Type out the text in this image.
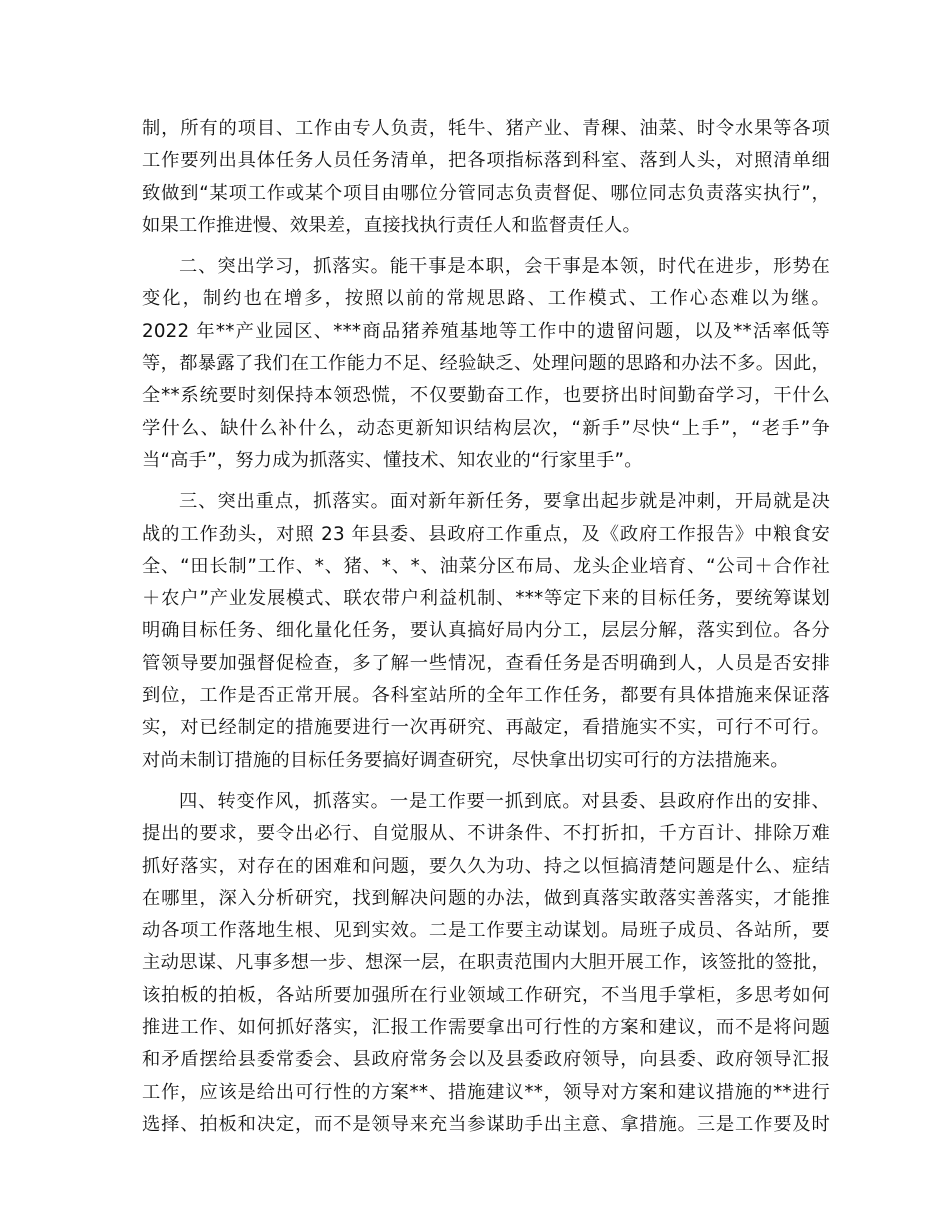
制，所有的项目、工作由专人负责，牦牛、猪产业、青稞、油菜、时令水果等各项
工作要列出具体任务人员任务清单，把各项指标落到科室、落到人头，对照清单细
致做到“某项工作或某个项目由哪位分管同志负责督促、哪位同志负责落实执行”，
如果工作推进慢、效果差，直接找执行责任人和监督责任人。
二、突出学习，抓落实。能干事是本职，会干事是本领，时代在进步，形势在
变化，制约也在增多，按照以前的常规思路、工作模式、工作心态难以为继。
2022 年**产业园区、***商品猪养殖基地等工作中的遗留问题，以及**活率低等
等，都暴露了我们在工作能力不足、经验缺乏、处理问题的思路和办法不多。因此，
全**系统要时刻保持本领恐慌，不仅要勤奋工作，也要挤出时间勤奋学习，干什么
学什么、缺什么补什么，动态更新知识结构层次，“新手”尽快“上手”，“老手”争
当“高手”，努力成为抓落实、懂技术、知农业的“行家里手”。
三、突出重点，抓落实。面对新年新任务，要拿出起步就是冲刺，开局就是决
战的工作劲头，对照 23 年县委、县政府工作重点，及《政府工作报告》中粮食安
全、“田长制”工作、*、猪、*、*、油菜分区布局、龙头企业培育、“公司＋合作社
＋农户”产业发展模式、联农带户利益机制、***等定下来的目标任务，要统筹谋划
明确目标任务、细化量化任务，要认真搞好局内分工，层层分解，落实到位。各分
管领导要加强督促检查，多了解一些情况，查看任务是否明确到人，人员是否安排
到位，工作是否正常开展。各科室站所的全年工作任务，都要有具体措施来保证落
实，对已经制定的措施要进行一次再研究、再敲定，看措施实不实，可行不可行。
对尚未制订措施的目标任务要搞好调查研究，尽快拿出切实可行的方法措施来。
四、转变作风，抓落实。一是工作要一抓到底。对县委、县政府作出的安排、
提出的要求，要令出必行、自觉服从、不讲条件、不打折扣，千方百计、排除万难
抓好落实，对存在的困难和问题，要久久为功、持之以恒搞清楚问题是什么、症结
在哪里，深入分析研究，找到解决问题的办法，做到真落实敢落实善落实，才能推
动各项工作落地生根、见到实效。二是工作要主动谋划。局班子成员、各站所，要
主动思谋、凡事多想一步、想深一层，在职责范围内大胆开展工作，该签批的签批，
该拍板的拍板，各站所要加强所在行业领域工作研究，不当甩手掌柜，多思考如何
推进工作、如何抓好落实，汇报工作需要拿出可行性的方案和建议，而不是将问题
和矛盾摆给县委常委会、县政府常务会以及县委政府领导，向县委、政府领导汇报
工作，应该是给出可行性的方案**、措施建议**，领导对方案和建议措施的**进行
选择、拍板和决定，而不是领导来充当参谋助手出主意、拿措施。三是工作要及时
